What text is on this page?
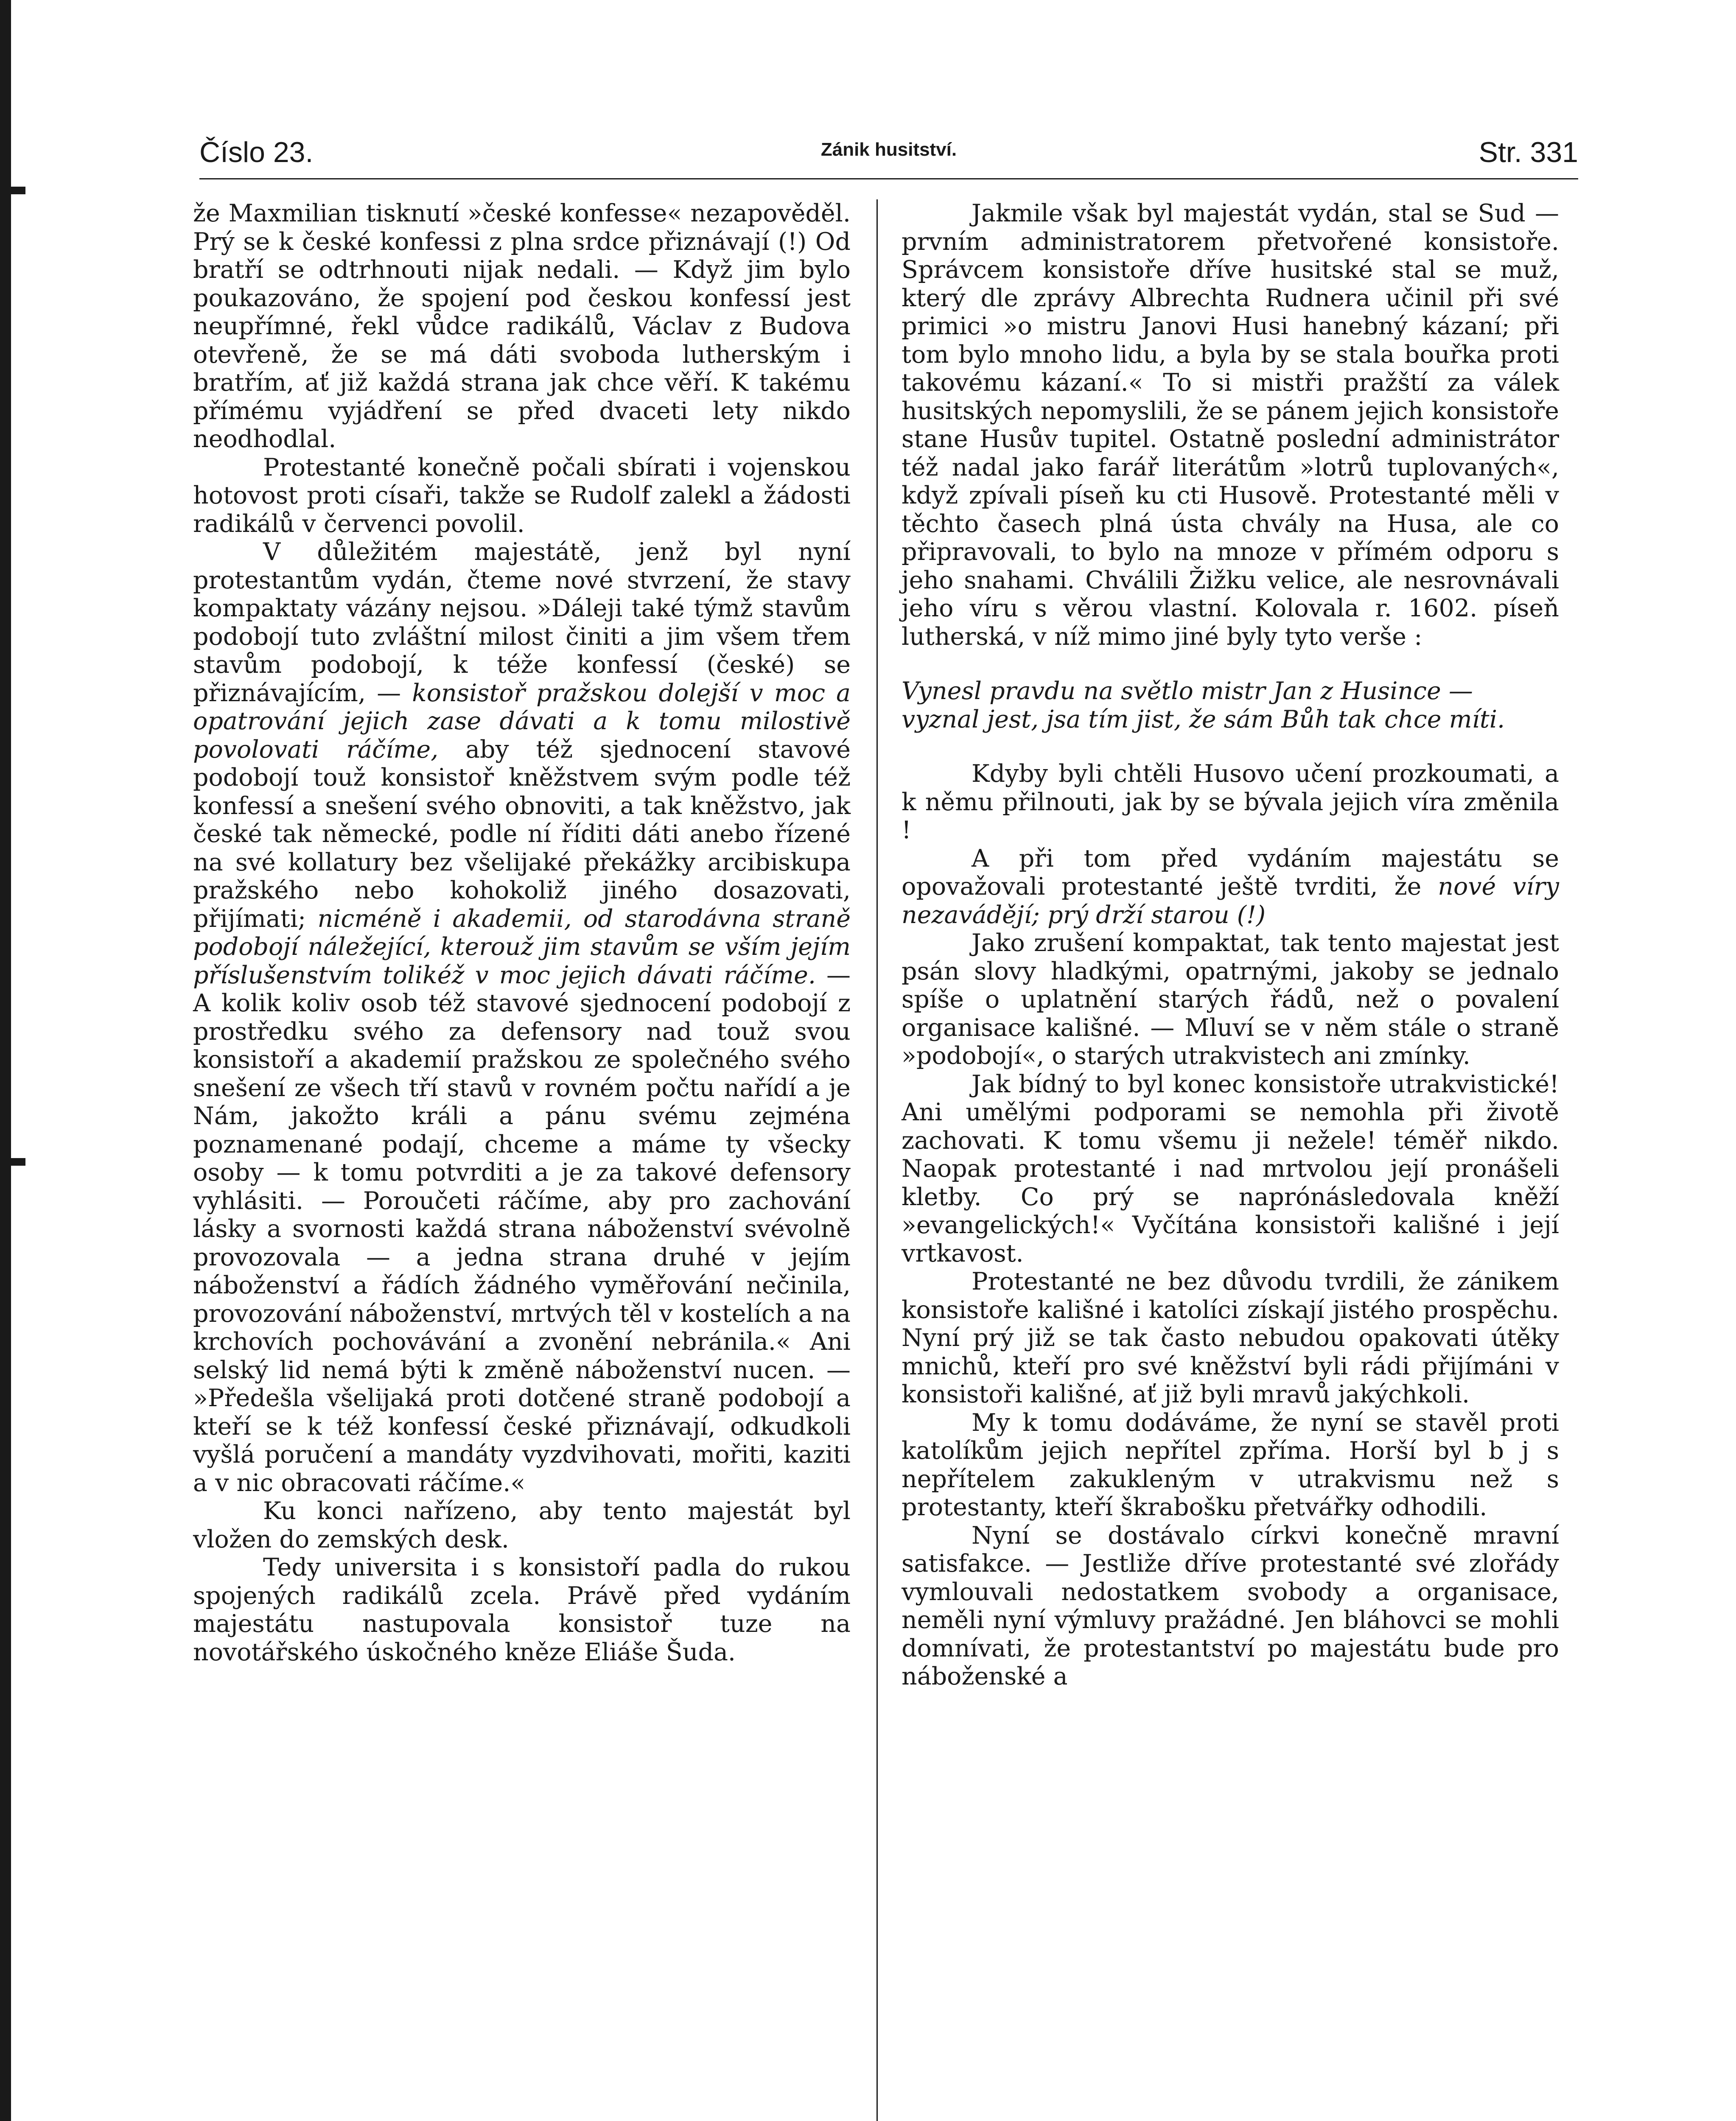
Číslo 23.	Zánik husitství.	Str. 331

že Maxmilian tisknutí »české konfesse« nezapověděl. Prý se k české konfessi z plna srdce přiznávají (!) Od bratří se odtrhnouti nijak nedali. — Když jim bylo poukazováno, že spojení pod českou konfessí jest neupřímné, řekl vůdce radikálů, Václav z Budova otevřeně, že se má dáti svoboda lutherským i bratřím, ať již každá strana jak chce věří. K takému přímému vyjádření se před dvaceti lety nikdo neodhodlal.

Protestanté konečně počali sbírati i vojenskou hotovost proti císaři, takže se Rudolf zalekl a žádosti radikálů v červenci povolil.

V důležitém majestátě, jenž byl nyní protestantům vydán, čteme nové stvrzení, že stavy kompaktaty vázány nejsou. »Dáleji také týmž stavům podobojí tuto zvláštní milost činiti a jim všem třem stavům podobojí, k téže konfessí (české) se přiznávajícím, — konsistoř pražskou dolejší v moc a opatrování jejich zase dávati a k tomu milostivě povolovati ráčíme, aby též sjednocení stavové podobojí touž konsistoř kněžstvem svým podle též konfessí a snešení svého obnoviti, a tak kněžstvo, jak české tak německé, podle ní říditi dáti anebo řízené na své kollatury bez všelijaké překážky arcibiskupa pražského nebo kohokoliž jiného dosazovati, přijímati; nicméně i akademii, od starodávna straně podobojí náležející, kterouž jim stavům se vším jejím příslušenstvím tolikéž v moc jejich dávati ráčíme. — A kolik koliv osob též stavové sjednocení podobojí z prostředku svého za defensory nad touž svou konsistoří a akademií pražskou ze společného svého snešení ze všech tří stavů v rovném počtu nařídí a je Nám, jakožto králi a pánu svému zejména poznamenané podají, chceme a máme ty všecky osoby — k tomu potvrditi a je za takové defensory vyhlásiti. — Poroučeti ráčíme, aby pro zachování lásky a svornosti každá strana náboženství svévolně provozovala — a jedna strana druhé v jejím náboženství a řádích žádného vyměřování nečinila, provozování náboženství, mrtvých těl v kostelích a na krchovích pochovávání a zvonění nebránila.« Ani selský lid nemá býti k změně náboženství nucen. — »Předešla všelijaká proti dotčené straně podobojí a kteří se k též konfessí české přiznávají, odkudkoli vyšlá poručení a mandáty vyzdvihovati, mořiti, kaziti a v nic obracovati ráčíme.«

Ku konci nařízeno, aby tento majestát byl vložen do zemských desk.

Tedy universita i s konsistoří padla do rukou spojených radikálů zcela. Právě před vydáním majestátu nastupovala konsistoř tuze na novotářského úskočného kněze Eliáše Šuda.

Jakmile však byl majestát vydán, stal se Sud — prvním administratorem přetvořené konsistoře. Správcem konsistoře dříve husitské stal se muž, který dle zprávy Albrechta Rudnera učinil při své primici »o mistru Janovi Husi hanebný kázaní; při tom bylo mnoho lidu, a byla by se stala bouřka proti takovému kázaní.« To si mistři pražští za válek husitských nepomyslili, že se pánem jejich konsistoře stane Husův tupitel. Ostatně poslední administrátor též nadal jako farář literátům »lotrů tuplovaných«, když zpívali píseň ku cti Husově. Protestanté měli v těchto časech plná ústa chvály na Husa, ale co připravovali, to bylo na mnoze v přímém odporu s jeho snahami. Chválili Žižku velice, ale nesrovnávali jeho víru s věrou vlastní. Kolovala r. 1602. píseň lutherská, v níž mimo jiné byly tyto verše :

Vynesl pravdu na světlo mistr Jan z Husince —
vyznal jest, jsa tím jist, že sám Bůh tak chce míti.

Kdyby byli chtěli Husovo učení prozkoumati, a k němu přilnouti, jak by se bývala jejich víra změnila !

A při tom před vydáním majestátu se opovažovali protestanté ještě tvrditi, že nové víry nezavádějí; prý drží starou (!)

Jako zrušení kompaktat, tak tento majestat jest psán slovy hladkými, opatrnými, jakoby se jednalo spíše o uplatnění starých řádů, než o povalení organisace kališné. — Mluví se v něm stále o straně »podobojí«, o starých utrakvistech ani zmínky.

Jak bídný to byl konec konsistoře utrakvistické! Ani umělými podporami se nemohla při životě zachovati. K tomu všemu ji nežele! téměř nikdo. Naopak protestanté i nad mrtvolou její pronášeli kletby. Co prý se naprónásledovala kněží »evangelických!« Vyčítána konsistoři kališné i její vrtkavost.

Protestanté ne bez důvodu tvrdili, že zánikem konsistoře kališné i katolíci získají jistého prospěchu. Nyní prý již se tak často nebudou opakovati útěky mnichů, kteří pro své kněžství byli rádi přijímáni v konsistoři kališné, ať již byli mravů jakýchkoli.

My k tomu dodáváme, že nyní se stavěl proti katolíkům jejich nepřítel zpříma. Horší byl b j s nepřítelem zakukleným v utrakvismu než s protestanty, kteří škrabošku přetvářky odhodili.

Nyní se dostávalo církvi konečně mravní satisfakce. — Jestliže dříve protestanté své zlořády vymlouvali nedostatkem svobody a organisace, neměli nyní výmluvy pražádné. Jen bláhovci se mohli domnívati, že protestantství po majestátu bude pro náboženské a
